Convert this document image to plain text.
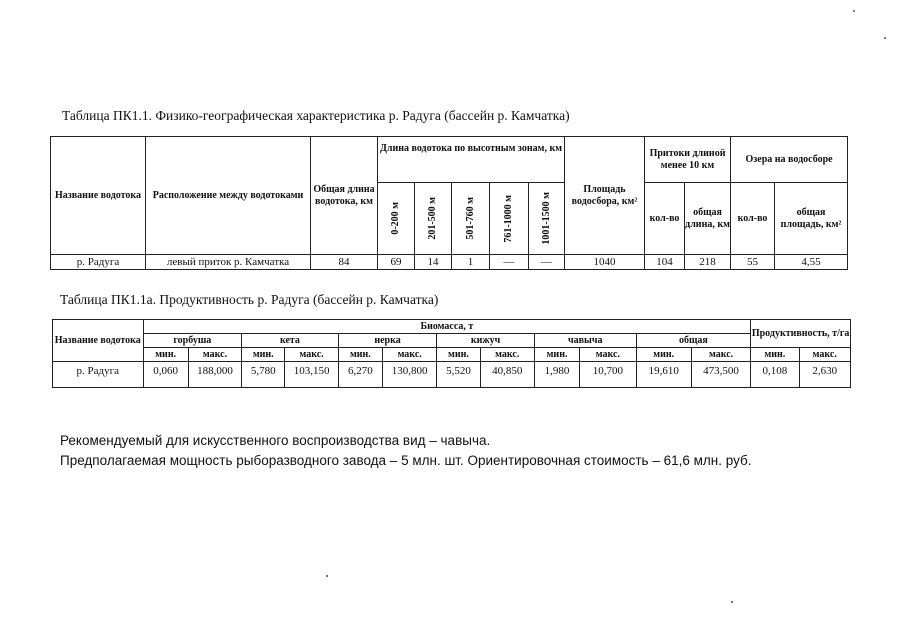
Таблица ПК1.1. Физико-географическая характеристика р. Радуга (бассейн р. Камчатка)
Название водотока	Расположение между водотоками	Общая длина водотока, км	Длина водотока по высотным зонам, км					Площадь водосбора, км²	Притоки длиной менее 10 км		Озера на водосборе	

			0-200 м	201-500 м	501-760 м	761-1000 м	1001-1500 м		кол-во	общая длина, км	кол-во	общая площадь, км²
р. Радуга	левый приток р. Камчатка	84	69	14	1	—	—	1040	104	218	55	4,55
Таблица ПК1.1а. Продуктивность р. Радуга (бассейн р. Камчатка)
Название водотока	Биомасса, т												Продуктивность, т/га	
	горбуша		кета		нерка		кижуч		чавыча		общая			
	мин.	макс.	мин.	макс.	мин.	макс.	мин.	макс.	мин.	макс.	мин.	макс.	мин.	макс.
р. Радуга	0,060	188,000	5,780	103,150	6,270	130,800	5,520	40,850	1,980	10,700	19,610	473,500	0,108	2,630
Рекомендуемый для искусственного воспроизводства вид – чавыча.
Предполагаемая мощность рыборазводного завода – 5 млн. шт. Ориентировочная стоимость – 61,6 млн. руб.
